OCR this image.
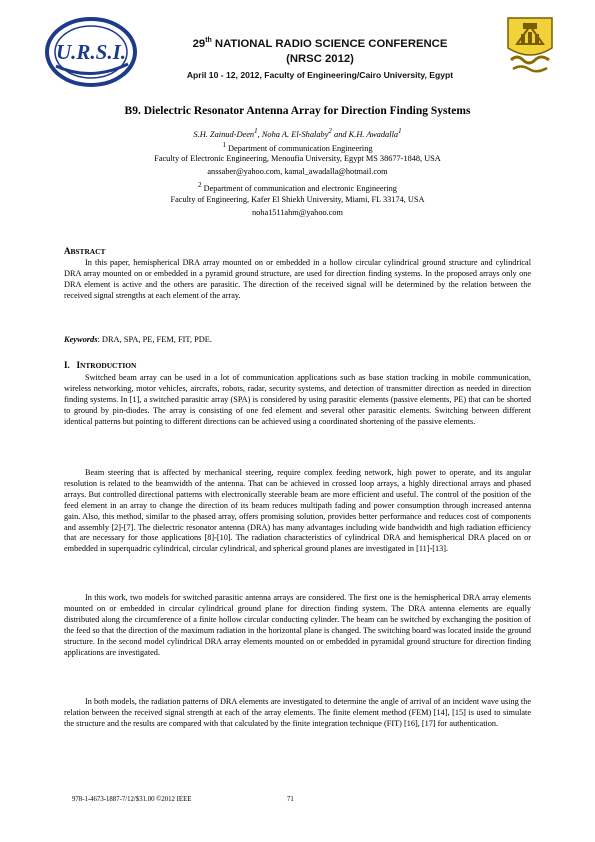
U.R.S.I.	29th NATIONAL RADIO SCIENCE CONFERENCE
(NRSC 2012)
April 10 - 12, 2012, Faculty of Engineering/Cairo University, Egypt
B9. Dielectric Resonator Antenna Array for Direction Finding Systems
S.H. Zainud-Deen$^1$, Noha A. El-Shalaby$^2$ and K.H. Awadalla$^1$
$^1$ Department of communication Engineering
Faculty of Electronic Engineering, Menoufia University, Egypt MS 38677-1848, USA
anssaber@yahoo.com, kamal_awadalla@hotmail.com
$^2$ Department of communication and electronic Engineering
Faculty of Engineering, Kafer El Shiekh University, Miami, FL 33174, USA
noha1511ahm@yahoo.com
ABSTRACT

In this paper, hemispherical DRA array mounted on or embedded in a hollow circular cylindrical ground structure and cylindrical DRA array mounted on or embedded in a pyramid ground structure, are used for direction finding systems. In the proposed arrays only one DRA element is active and the others are parasitic. The direction of the received signal will be determined by the relation between the received signal strengths at each element of the array.

Keywords: DRA, SPA, PE, FEM, FIT, PDE.
I. INTRODUCTION

Switched beam array can be used in a lot of communication applications such as base station tracking in mobile communication, wireless networking, motor vehicles, aircrafts, robots, radar, security systems, and detection of transmitter direction as needed in direction finding systems. In [1], a switched parasitic array (SPA) is considered by using parasitic elements (passive elements, PE) that can be shorted to ground by pin-diodes. The array is consisting of one fed element and several other parasitic elements. Switching between different identical patterns but pointing to different directions can be achieved using a coordinated shortening of the passive elements.

Beam steering that is affected by mechanical steering, require complex feeding network, high power to operate, and its angular resolution is related to the beamwidth of the antenna. That can be achieved in crossed loop arrays, a highly directional arrays and phased arrays. But controlled directional patterns with electronically steerable beam are more efficient and useful. The control of the position of the feed element in an array to change the direction of its beam reduces multipath fading and power consumption through increased antenna gain. Also, this method, similar to the phased array, offers promising solution, provides better performance and reduces cost of components and assembly [2]-[7]. The dielectric resonator antenna (DRA) has many advantages including wide bandwidth and high radiation efficiency that are necessary for those applications [8]-[10]. The radiation characteristics of cylindrical DRA and hemispherical DRA placed on or embedded in superquadric cylindrical, circular cylindrical, and spherical ground planes are investigated in [11]-[13].

In this work, two models for switched parasitic antenna arrays are considered. The first one is the hemispherical DRA array elements mounted on or embedded in circular cylindrical ground plane for direction finding system. The DRA antenna elements are equally distributed along the circumference of a finite hollow circular conducting cylinder. The beam can be switched by exchanging the position of the feed so that the direction of the maximum radiation in the horizontal plane is changed. The switching board was located inside the ground structure. In the second model cylindrical DRA array elements mounted on or embedded in pyramidal ground structure for direction finding applications are investigated.

In both models, the radiation patterns of DRA elements are investigated to determine the angle of arrival of an incident wave using the relation between the received signal strength at each of the array elements. The finite element method (FEM) [14], [15] is used to simulate the structure and the results are compared with that calculated by the finite integration technique (FIT) [16], [17] for authentication.

978-1-4673-1887-7/12/$31.00 ©2012 IEEE	71
